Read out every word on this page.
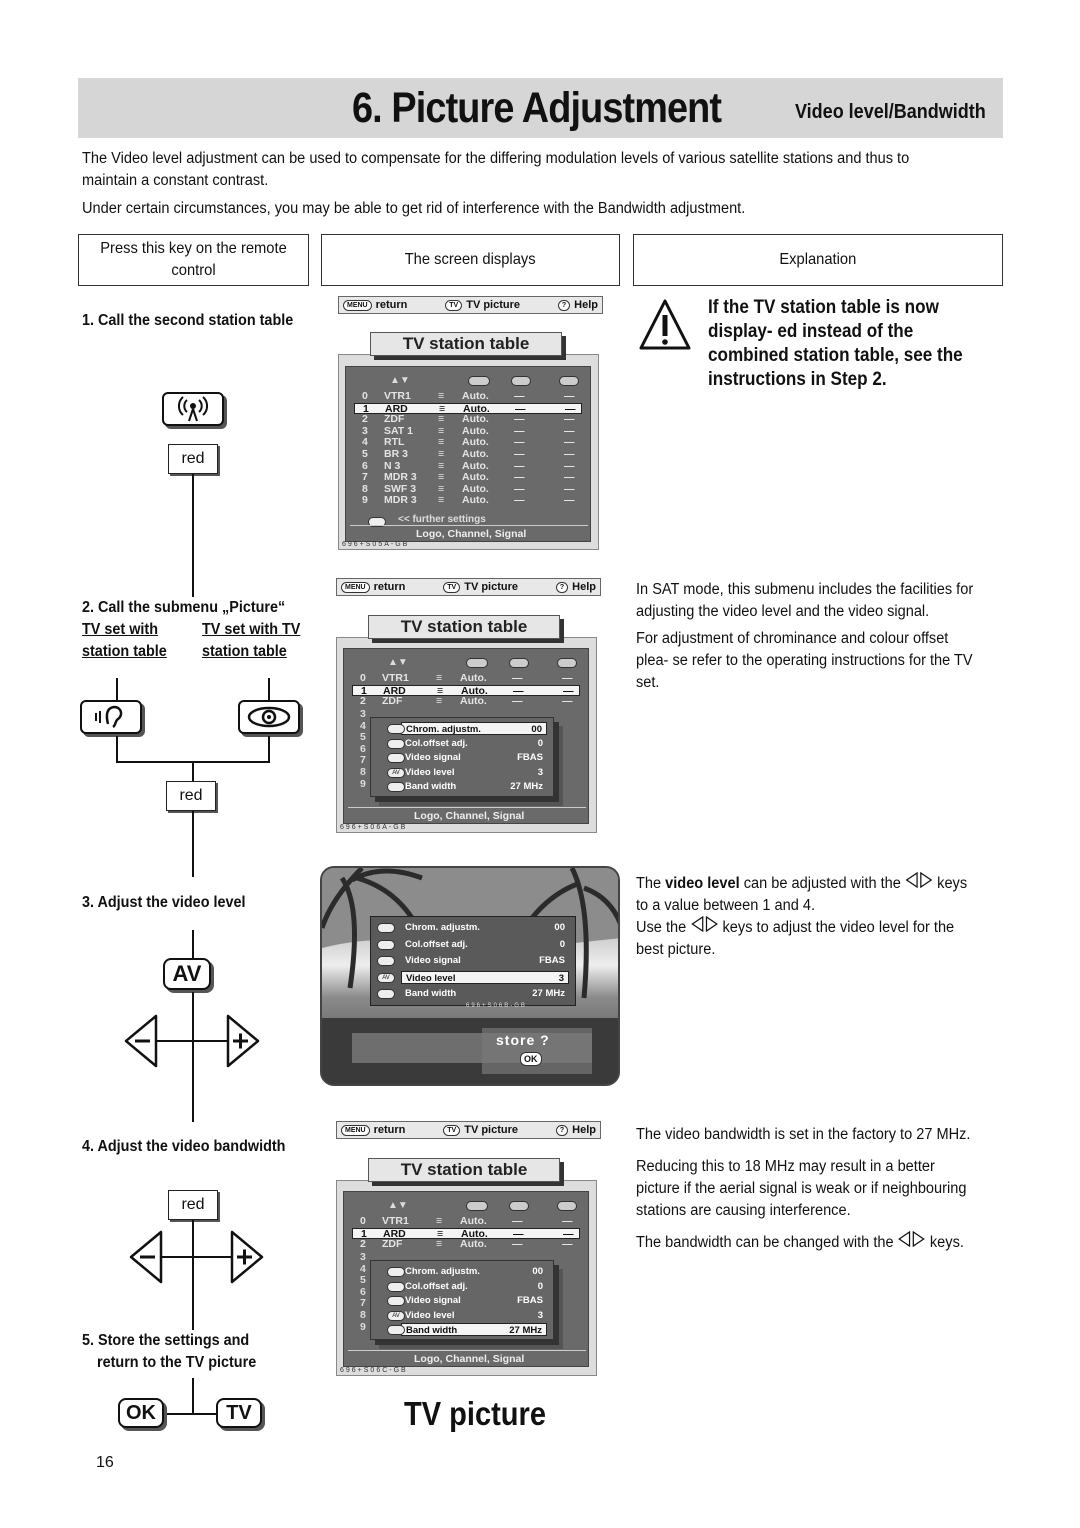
6. Picture Adjustment	Video level/Bandwidth
The Video level adjustment can be used to compensate for the differing modulation levels of various satellite stations and thus to maintain a constant contrast.
Under certain circumstances, you may be able to get rid of interference with the Bandwidth adjustment.
Press this key on the remote control
The screen displays	Explanation
1. Call the second station table
red
2. Call the submenu „Picture“
TV set with
station table
TV set with TV
station table
red
3. Adjust the video level
AV
4. Adjust the video bandwidth
red
5. Store the settings and
return to the TV picture
OK	TV
MENU return	TV TV picture	? Help
TV station table
▲▼
0 VTR1	≡ Auto. —	—
1 ARD	≡ Auto. —	—
2 ZDF	≡ Auto. —	—
3 SAT 1 ≡ Auto. —	—
4 RTL	≡ Auto. —	—
5 BR 3	≡ Auto. —	—
6 N 3	≡ Auto. —	—
7 MDR 3 ≡ Auto. —	—
8 SWF 3 ≡ Auto. —	—
9 MDR 3 ≡ Auto. —	—
<< further settings
Logo, Channel, Signal
696+S05A-GB
MENU return	TV TV picture	? Help
TV station table
▲▼
0 VTR1	≡ Auto. —	—
1 ARD	≡ Auto. —	—
2 ZDF	≡ Auto. —	—
3
4
5
6
7
8
9
Chrom. adjustm.	00
Col.offset adj.	0
Video signal	FBAS
Video level	3
AV
Band width	27 MHz
Logo, Channel, Signal
696+S06A-GB
696+S06B-GB
Chrom. adjustm.	00
Col.offset adj.	0
Video signal	FBAS
Video level	3
AV
Band width	27 MHz
store ?
OK
MENU return	TV TV picture	? Help
TV station table
▲▼
0 VTR1	≡ Auto. —	—
1 ARD	≡ Auto. —	—
2 ZDF	≡ Auto. —	—
3
4
5
6
7
8
9
Chrom. adjustm.	00
Col.offset adj.	0
Video signal	FBAS
Video level	3
AV
Band width	27 MHz
Logo, Channel, Signal
696+S06C-GB
If the TV station table is now display- ed instead of the combined station table, see the instructions in Step 2.
In SAT mode, this submenu includes the facilities for adjusting the video level and the video signal.
For adjustment of chrominance and colour offset plea- se refer to the operating instructions for the TV set.
The video level can be adjusted with the
keys to a value between 1 and 4.
Use the
keys to adjust the video level for the best picture.
The video bandwidth is set in the factory to 27 MHz.
Reducing this to 18 MHz may result in a better picture if the aerial signal is weak or if neighbouring stations are causing interference.
The bandwidth can be changed with the
keys.
TV picture
16
